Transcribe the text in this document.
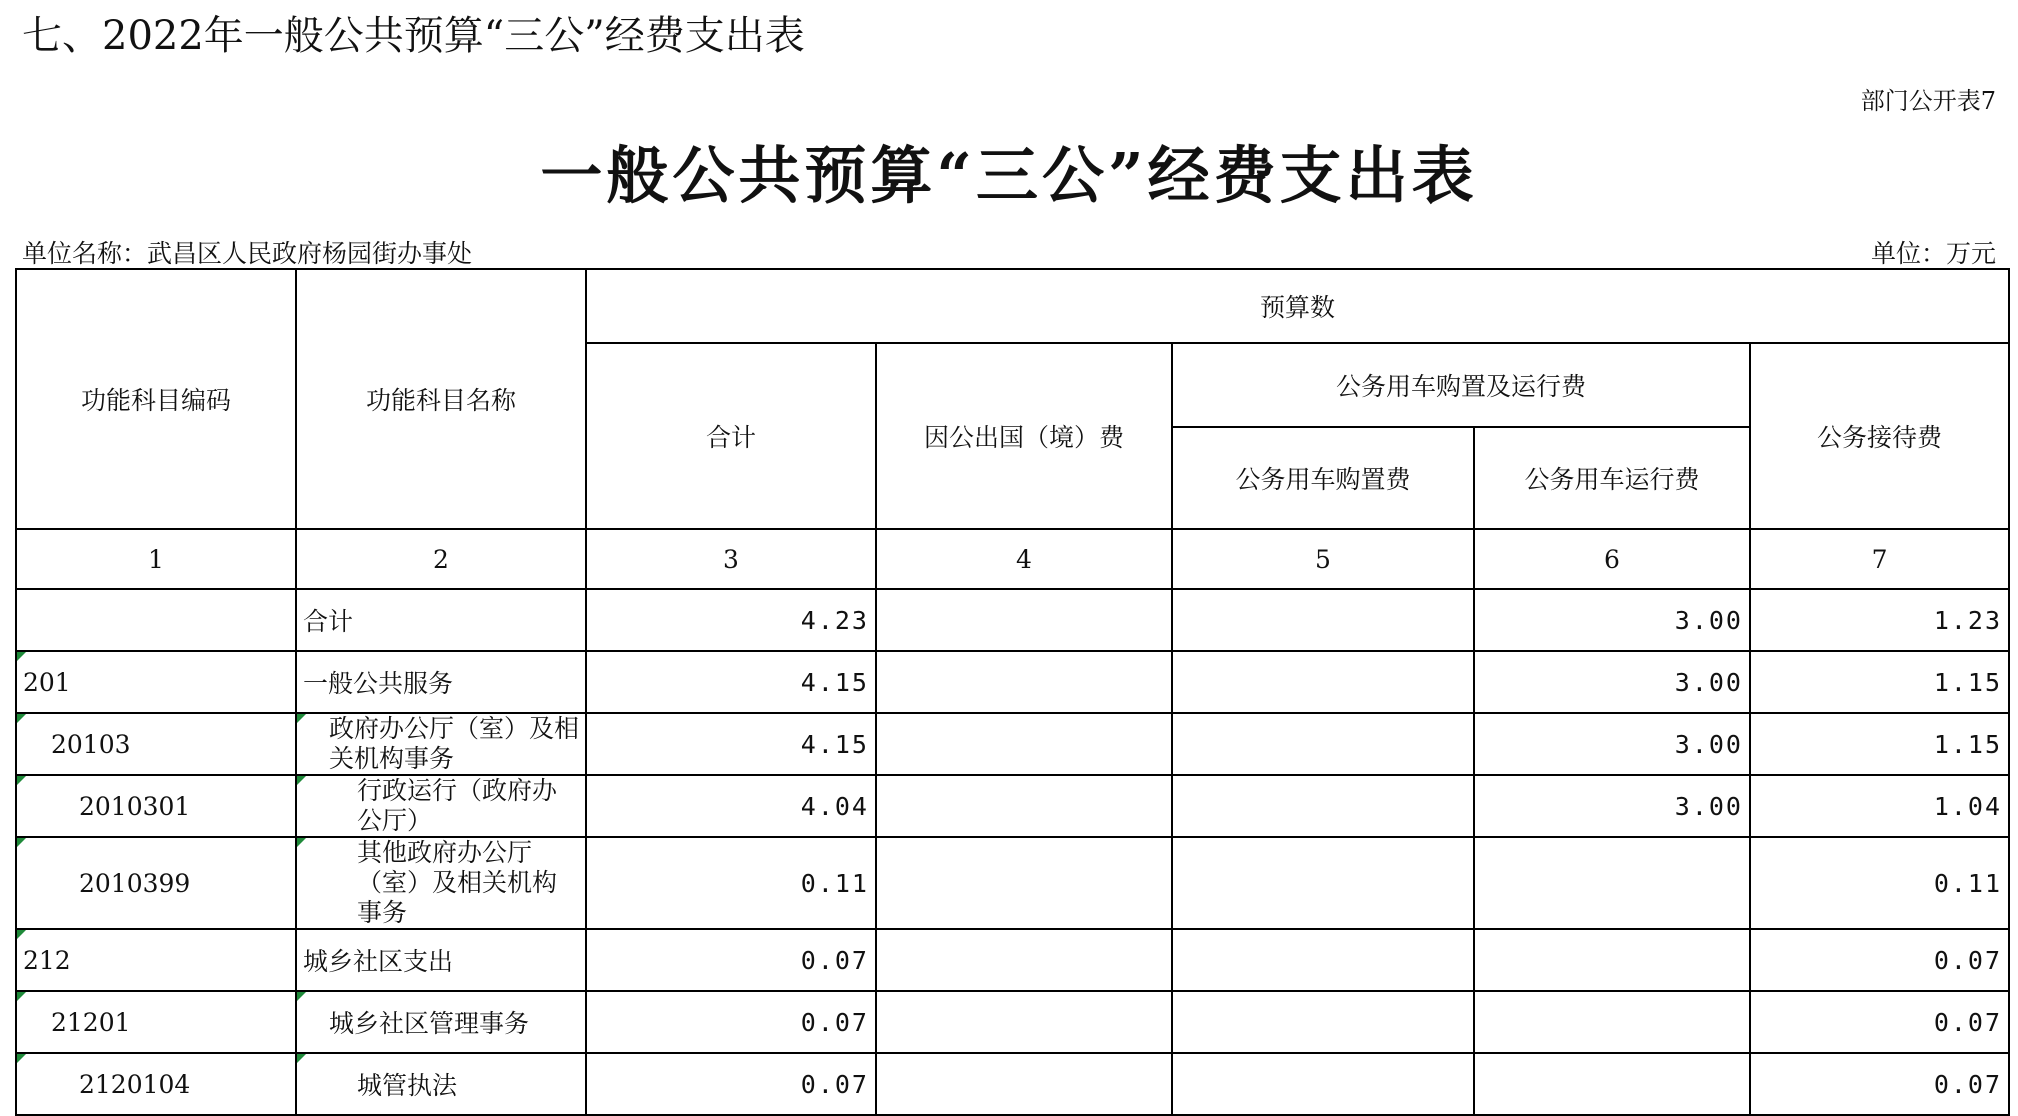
七、2022年一般公共预算“三公”经费支出表
部门公开表7
一般公共预算“三公”经费支出表
单位名称：武昌区人民政府杨园街办事处	单位：万元
功能科目编码	功能科目名称	预算数				
		合计	因公出国（境）费	公务用车购置及运行费		公务接待费
				公务用车购置费	公务用车运行费	
1	2	3	4	5	6	7
	合计	4.23			3.00	1.23
201	一般公共服务	4.15			3.00	1.15
20103	政府办公厅（室）及相关机构事务	4.15			3.00	1.15
2010301	行政运行（政府办公厅）	4.04			3.00	1.04
2010399	其他政府办公厅（室）及相关机构事务	0.11				0.11
212	城乡社区支出	0.07				0.07
21201	城乡社区管理事务	0.07				0.07
2120104	城管执法	0.07				0.07
